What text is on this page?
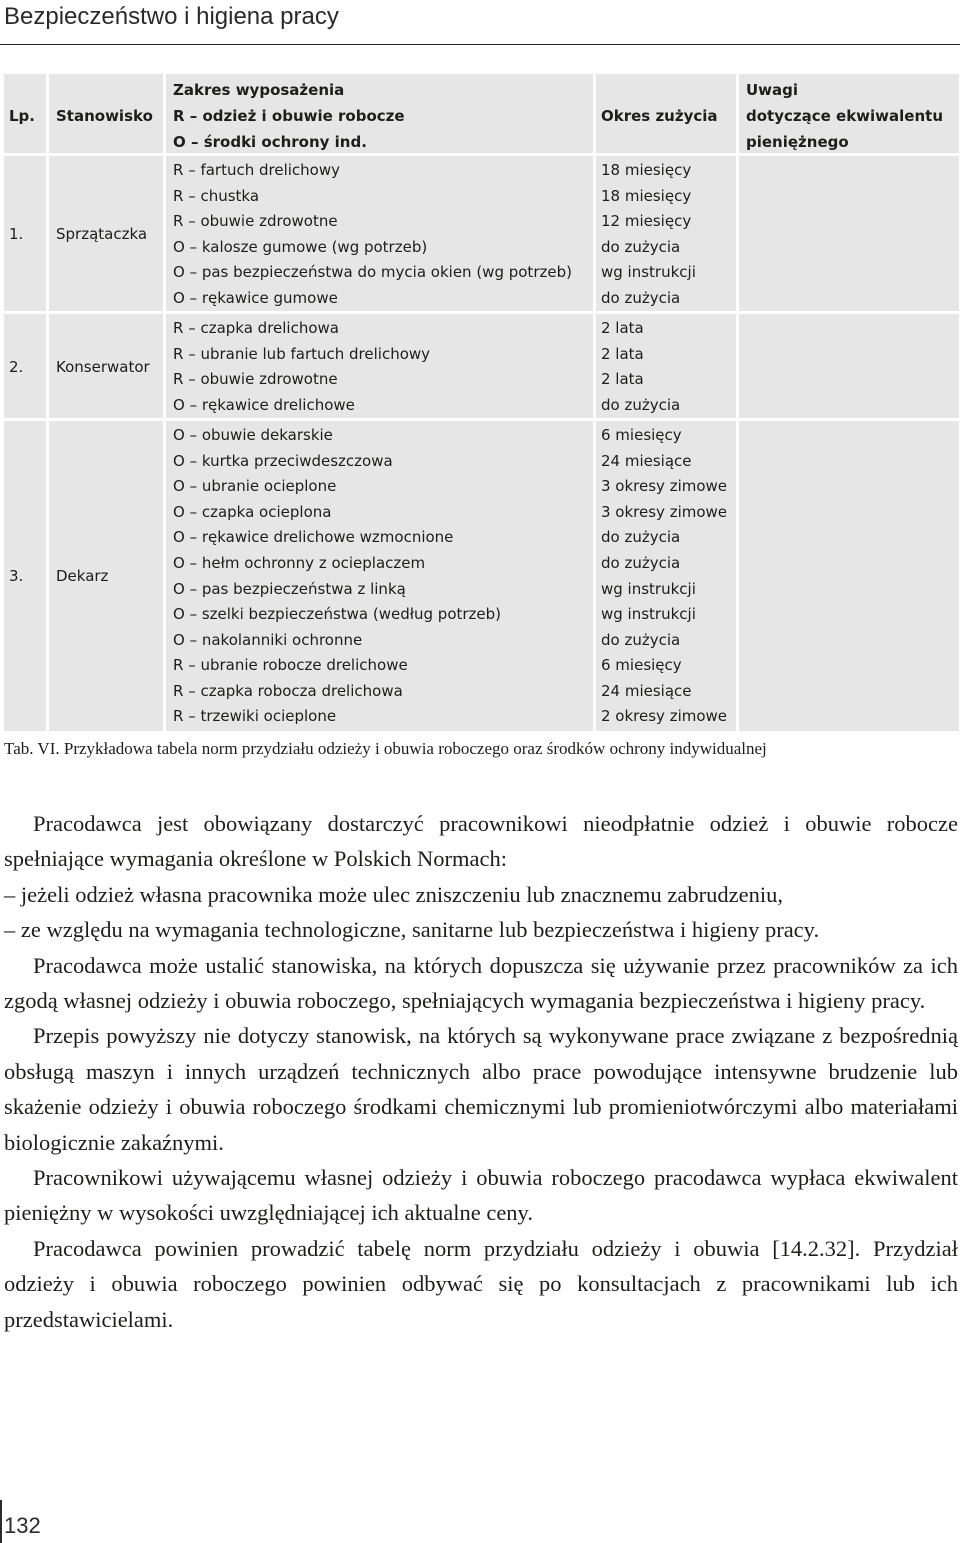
Bezpieczeństwo i higiena pracy
Lp. Stanowisko
Zakres wyposażenia
R – odzież i obuwie robocze
O – środki ochrony ind.
Okres zużycia
Uwagi
dotyczące ekwiwalentu
pieniężnego
1. Sprzątaczka
R – fartuch drelichowy
R – chustka
R – obuwie zdrowotne
O – kalosze gumowe (wg potrzeb)
O – pas bezpieczeństwa do mycia okien (wg potrzeb)
O – rękawice gumowe
18 miesięcy
18 miesięcy
12 miesięcy
do zużycia
wg instrukcji
do zużycia
2. Konserwator
R – czapka drelichowa
R – ubranie lub fartuch drelichowy
R – obuwie zdrowotne
O – rękawice drelichowe
2 lata
2 lata
2 lata
do zużycia
3. Dekarz
O – obuwie dekarskie
O – kurtka przeciwdeszczowa
O – ubranie ocieplone
O – czapka ocieplona
O – rękawice drelichowe wzmocnione
O – hełm ochronny z ocieplaczem
O – pas bezpieczeństwa z linką
O – szelki bezpieczeństwa (według potrzeb)
O – nakolanniki ochronne
R – ubranie robocze drelichowe
R – czapka robocza drelichowa
R – trzewiki ocieplone
6 miesięcy
24 miesiące
3 okresy zimowe
3 okresy zimowe
do zużycia
do zużycia
wg instrukcji
wg instrukcji
do zużycia
6 miesięcy
24 miesiące
2 okresy zimowe
Tab. VI. Przykładowa tabela norm przydziału odzieży i obuwia roboczego oraz środków ochrony indywidualnej

Pracodawca jest obowiązany dostarczyć pracownikowi nieodpłatnie odzież i obuwie robocze spełniające wymagania określone w Polskich Normach:

– jeżeli odzież własna pracownika może ulec zniszczeniu lub znacznemu zabrudzeniu,

– ze względu na wymagania technologiczne, sanitarne lub bezpieczeństwa i higieny pracy.

Pracodawca może ustalić stanowiska, na których dopuszcza się używanie przez pracowników za ich zgodą własnej odzieży i obuwia roboczego, spełniających wymagania bezpieczeństwa i higieny pracy.

Przepis powyższy nie dotyczy stanowisk, na których są wykonywane prace związane z bezpośrednią obsługą maszyn i innych urządzeń technicznych albo prace powodujące intensywne brudzenie lub skażenie odzieży i obuwia roboczego środkami chemicznymi lub promieniotwórczymi albo materiałami biologicznie zakaźnymi.

Pracownikowi używającemu własnej odzieży i obuwia roboczego pracodawca wypłaca ekwiwalent pieniężny w wysokości uwzględniającej ich aktualne ceny.

Pracodawca powinien prowadzić tabelę norm przydziału odzieży i obuwia [14.2.32]. Przydział odzieży i obuwia roboczego powinien odbywać się po konsultacjach z pracownikami lub ich przedstawicielami.

132
